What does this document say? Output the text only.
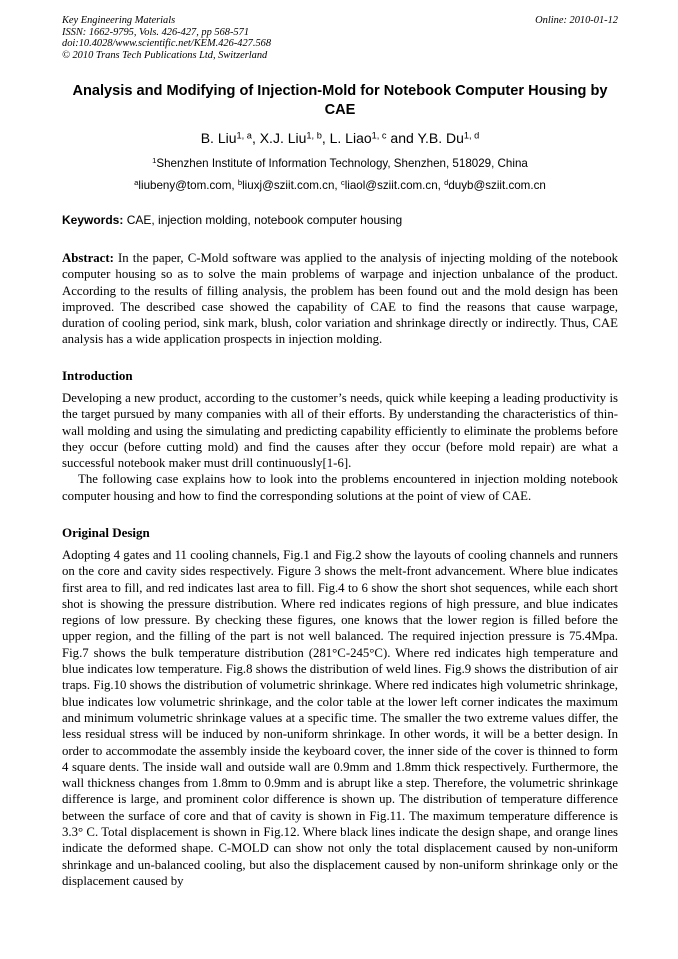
Key Engineering Materials
ISSN: 1662-9795, Vols. 426-427, pp 568-571
doi:10.4028/www.scientific.net/KEM.426-427.568
© 2010 Trans Tech Publications Ltd, Switzerland
Online: 2010-01-12
Analysis and Modifying of Injection-Mold for Notebook Computer Housing by CAE
B. Liu$^{1, a}$, X.J. Liu$^{1, b}$, L. Liao$^{1, c}$ and Y.B. Du$^{1, d}$
$^1$Shenzhen Institute of Information Technology, Shenzhen, 518029, China
$^a$liubeny@tom.com, $^b$liuxj@sziit.com.cn, $^c$liaol@sziit.com.cn, $^d$duyb@sziit.com.cn
Keywords: CAE, injection molding, notebook computer housing

Abstract: In the paper, C-Mold software was applied to the analysis of injecting molding of the notebook computer housing so as to solve the main problems of warpage and injection unbalance of the product. According to the results of filling analysis, the problem has been found out and the mold design has been improved. The described case showed the capability of CAE to find the reasons that cause warpage, duration of cooling period, sink mark, blush, color variation and shrinkage directly or indirectly. Thus, CAE analysis has a wide application prospects in injection molding.

Introduction

Developing a new product, according to the customer’s needs, quick while keeping a leading productivity is the target pursued by many companies with all of their efforts. By understanding the characteristics of thin-wall molding and using the simulating and predicting capability efficiently to eliminate the problems before they occur (before cutting mold) and find the causes after they occur (before mold repair) are what a successful notebook maker must drill continuously[1-6].

The following case explains how to look into the problems encountered in injection molding notebook computer housing and how to find the corresponding solutions at the point of view of CAE.

Original Design

Adopting 4 gates and 11 cooling channels, Fig.1 and Fig.2 show the layouts of cooling channels and runners on the core and cavity sides respectively. Figure 3 shows the melt-front advancement. Where blue indicates first area to fill, and red indicates last area to fill. Fig.4 to 6 show the short shot sequences, while each short shot is showing the pressure distribution. Where red indicates regions of high pressure, and blue indicates regions of low pressure. By checking these figures, one knows that the lower region is filled before the upper region, and the filling of the part is not well balanced. The required injection pressure is 75.4Mpa. Fig.7 shows the bulk temperature distribution (281°C-245°C). Where red indicates high temperature and blue indicates low temperature. Fig.8 shows the distribution of weld lines. Fig.9 shows the distribution of air traps. Fig.10 shows the distribution of volumetric shrinkage. Where red indicates high volumetric shrinkage, blue indicates low volumetric shrinkage, and the color table at the lower left corner indicates the maximum and minimum volumetric shrinkage values at a specific time. The smaller the two extreme values differ, the less residual stress will be induced by non-uniform shrinkage. In other words, it will be a better design. In order to accommodate the assembly inside the keyboard cover, the inner side of the cover is thinned to form 4 square dents. The inside wall and outside wall are 0.9mm and 1.8mm thick respectively. Furthermore, the wall thickness changes from 1.8mm to 0.9mm and is abrupt like a step. Therefore, the volumetric shrinkage difference is large, and prominent color difference is shown up. The distribution of temperature difference between the surface of core and that of cavity is shown in Fig.11. The maximum temperature difference is 3.3° C. Total displacement is shown in Fig.12. Where black lines indicate the design shape, and orange lines indicate the deformed shape. C-MOLD can show not only the total displacement caused by non-uniform shrinkage and un-balanced cooling, but also the displacement caused by non-uniform shrinkage only or the displacement caused by
